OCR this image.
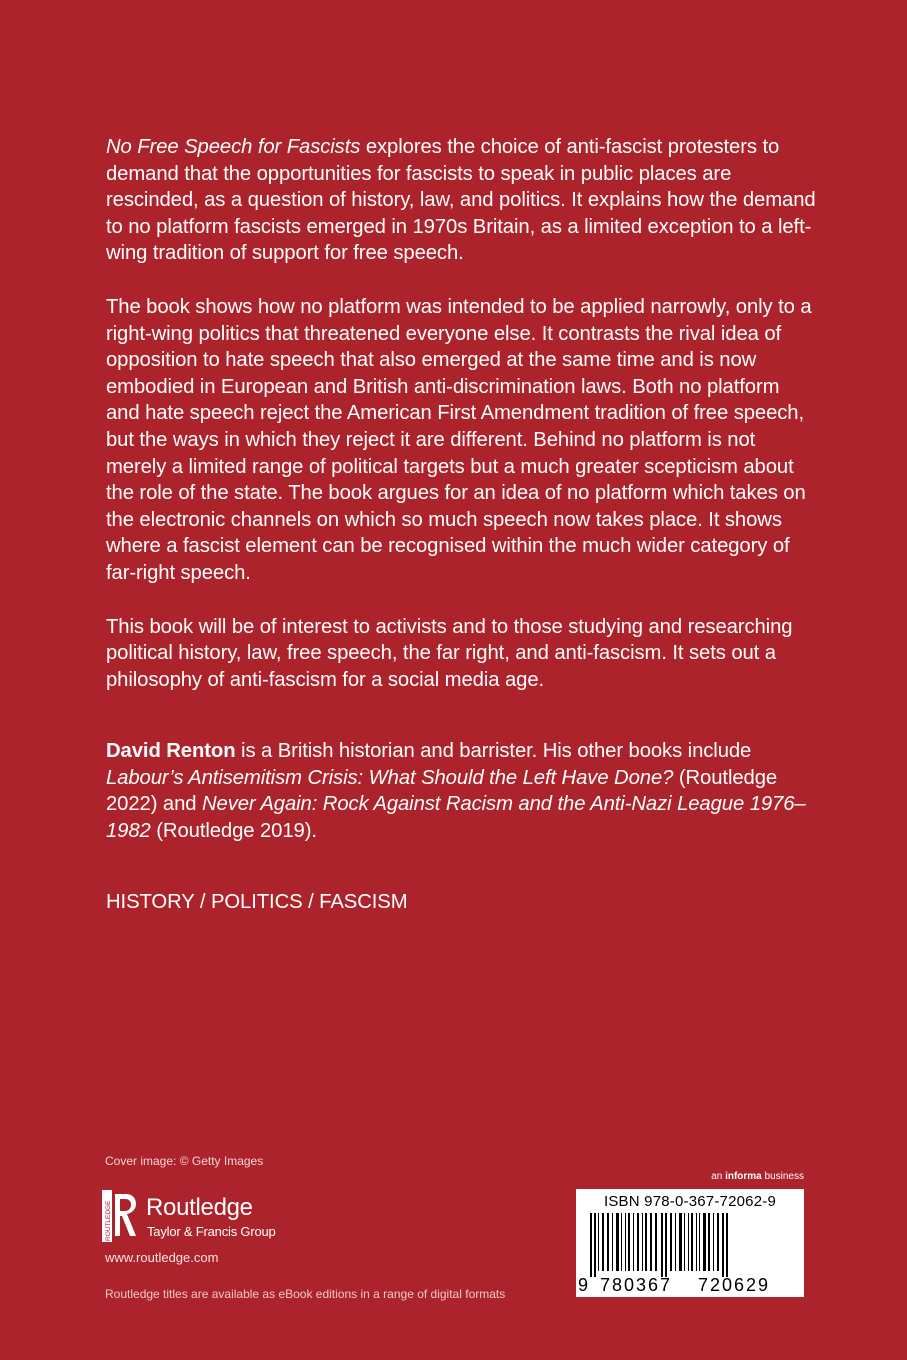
No Free Speech for Fascists explores the choice of anti-fascist protesters to demand that the opportunities for fascists to speak in public places are rescinded, as a question of history, law, and politics. It explains how the demand to no platform fascists emerged in 1970s Britain, as a limited exception to a left-wing tradition of support for free speech.

The book shows how no platform was intended to be applied narrowly, only to a right-wing politics that threatened everyone else. It contrasts the rival idea of opposition to hate speech that also emerged at the same time and is now embodied in European and British anti-discrimination laws. Both no platform and hate speech reject the American First Amendment tradition of free speech, but the ways in which they reject it are different. Behind no platform is not merely a limited range of political targets but a much greater scepticism about the role of the state. The book argues for an idea of no platform which takes on the electronic channels on which so much speech now takes place. It shows where a fascist element can be recognised within the much wider category of far-right speech.

This book will be of interest to activists and to those studying and researching political history, law, free speech, the far right, and anti-fascism. It sets out a philosophy of anti-fascism for a social media age.

David Renton is a British historian and barrister. His other books include Labour’s Antisemitism Crisis: What Should the Left Have Done? (Routledge 2022) and Never Again: Rock Against Racism and the Anti-Nazi League 1976–1982 (Routledge 2019).

HISTORY / POLITICS / FASCISM

Cover image: © Getty Images
ROUTLEDGE Routledge
Taylor & Francis Group
www.routledge.com
Routledge titles are available as eBook editions in a range of digital formats
an informa business
ISBN 978-0-367-72062-9
9 780367	720629
